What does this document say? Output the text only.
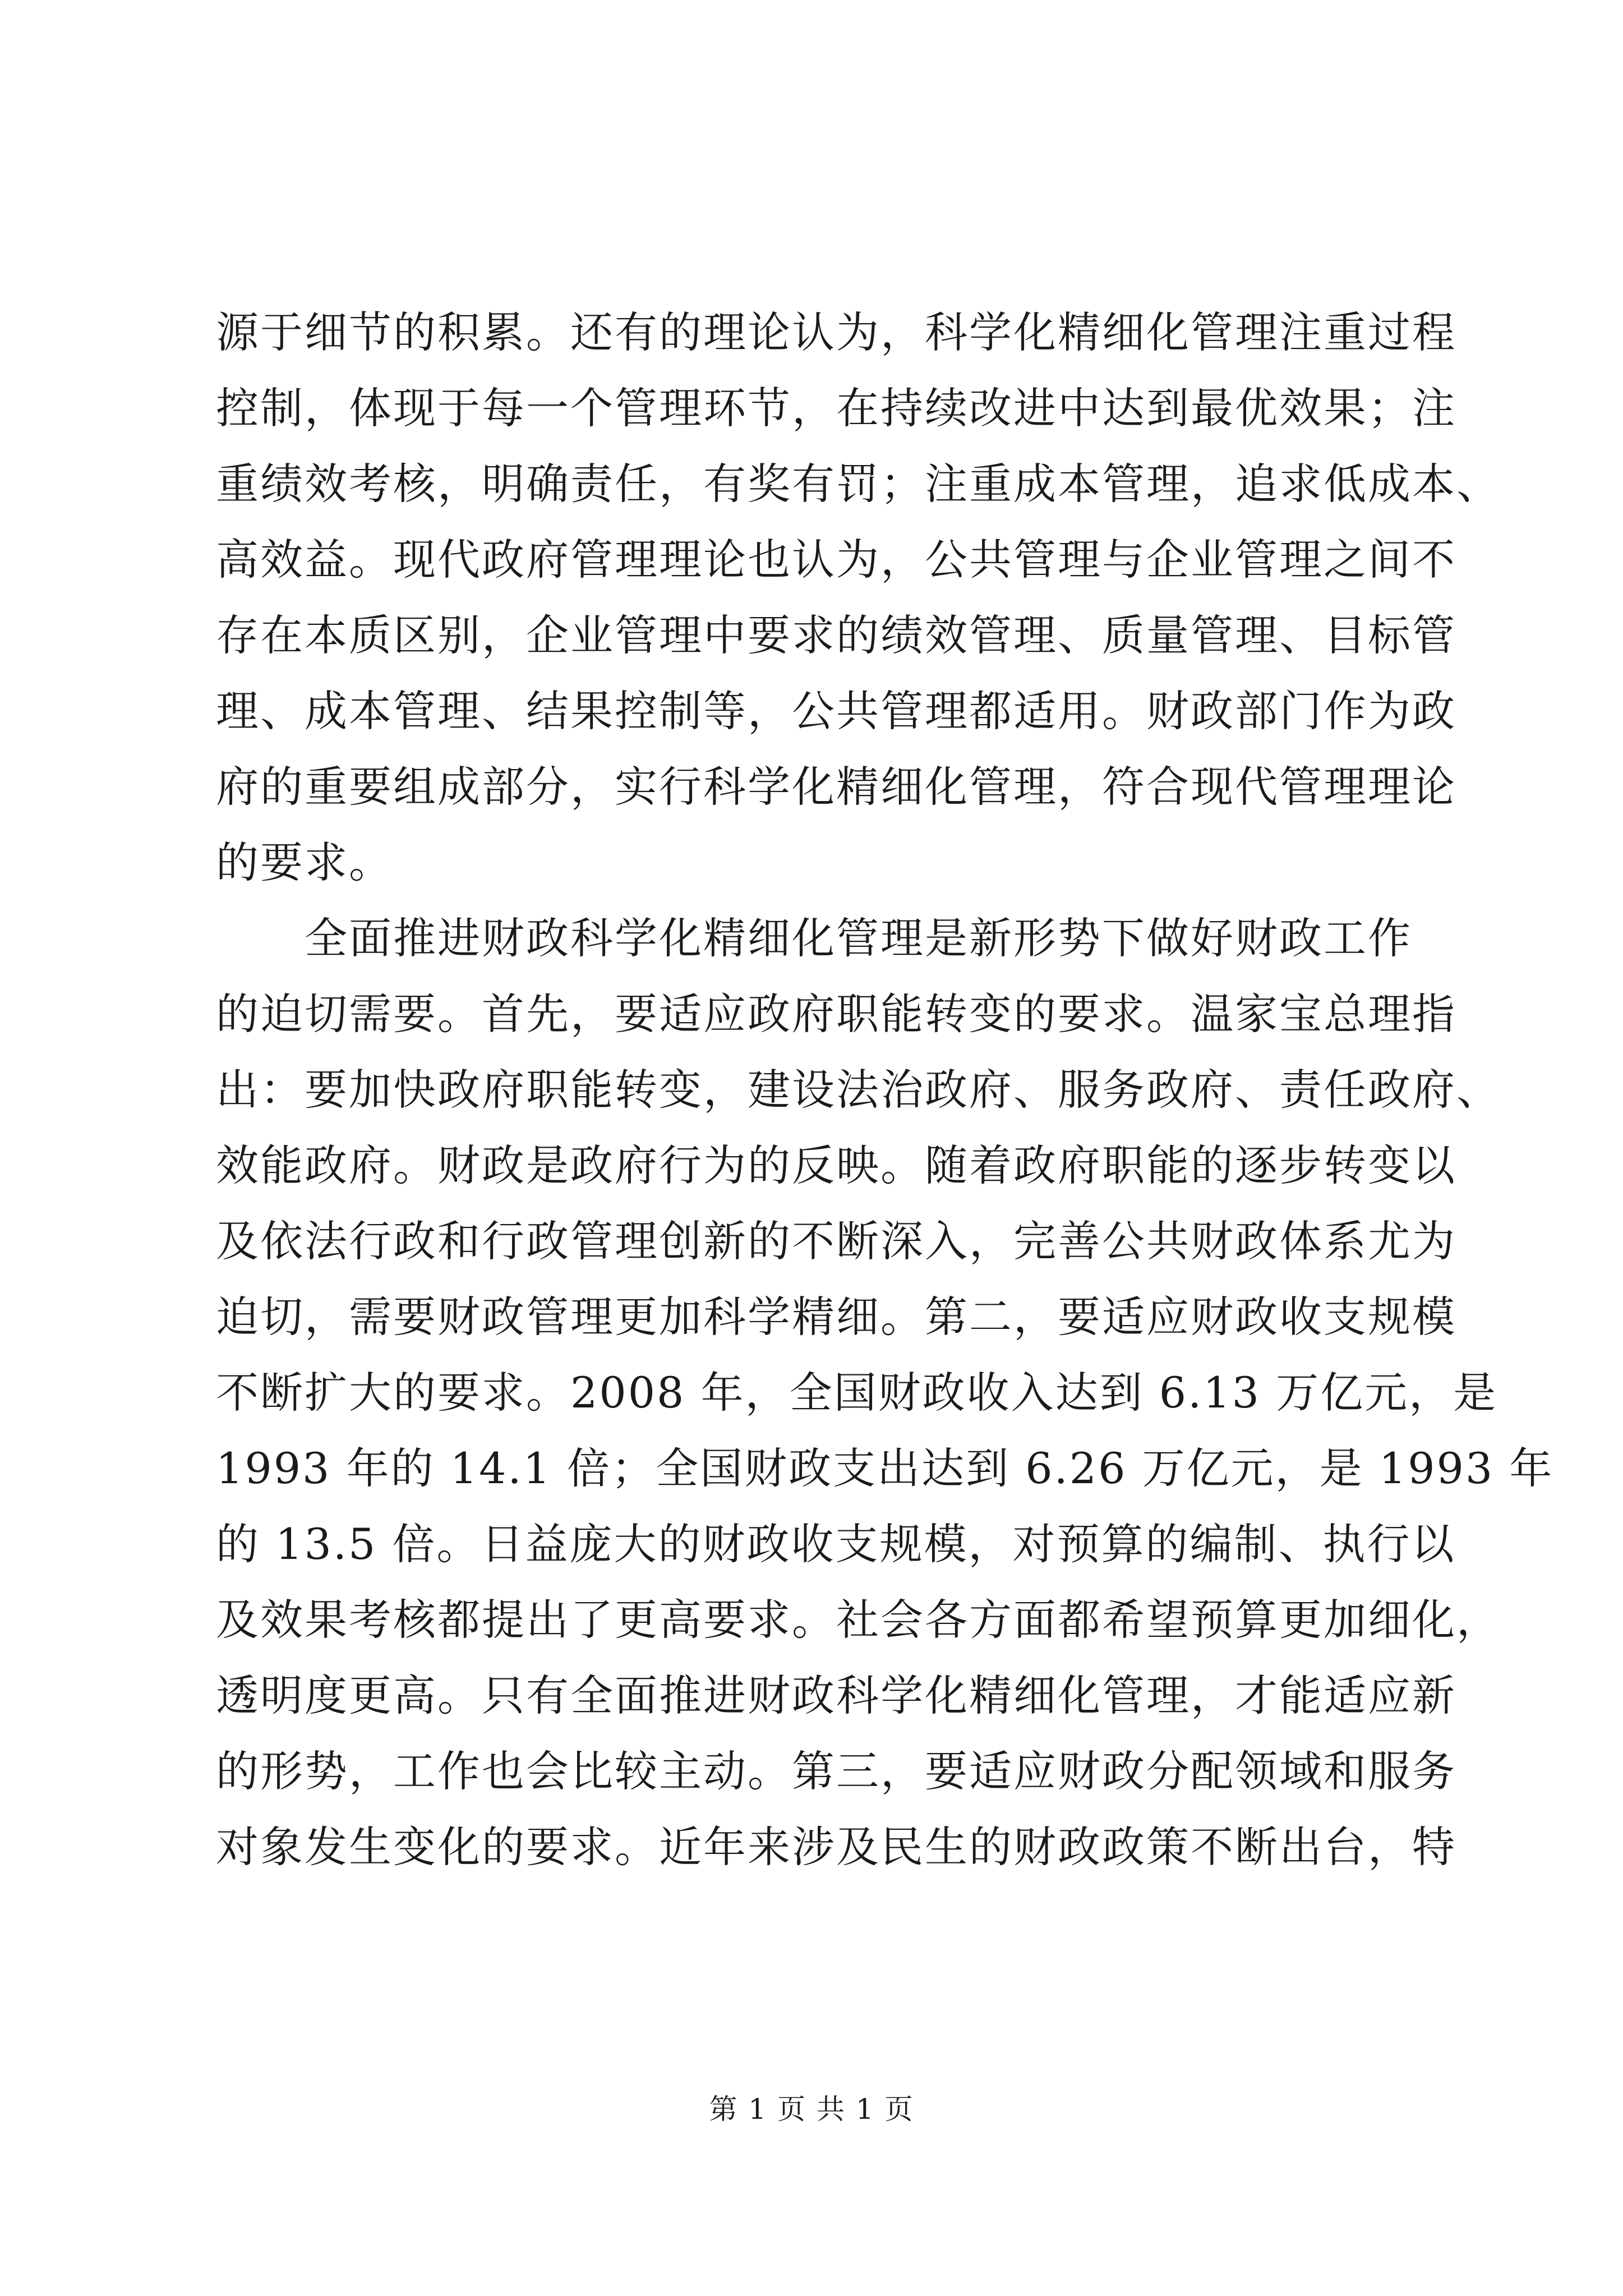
源于细节的积累。还有的理论认为，科学化精细化管理注重过程
控制，体现于每一个管理环节，在持续改进中达到最优效果；注
重绩效考核，明确责任，有奖有罚；注重成本管理，追求低成本、
高效益。现代政府管理理论也认为，公共管理与企业管理之间不
存在本质区别，企业管理中要求的绩效管理、质量管理、目标管
理、成本管理、结果控制等，公共管理都适用。财政部门作为政
府的重要组成部分，实行科学化精细化管理，符合现代管理理论
的要求。
　　全面推进财政科学化精细化管理是新形势下做好财政工作
的迫切需要。首先，要适应政府职能转变的要求。温家宝总理指
出：要加快政府职能转变，建设法治政府、服务政府、责任政府、
效能政府。财政是政府行为的反映。随着政府职能的逐步转变以
及依法行政和行政管理创新的不断深入，完善公共财政体系尤为
迫切，需要财政管理更加科学精细。第二，要适应财政收支规模
不断扩大的要求。2008 年，全国财政收入达到 6.13 万亿元，是
1993 年的 14.1 倍；全国财政支出达到 6.26 万亿元，是 1993 年
的 13.5 倍。日益庞大的财政收支规模，对预算的编制、执行以
及效果考核都提出了更高要求。社会各方面都希望预算更加细化，
透明度更高。只有全面推进财政科学化精细化管理，才能适应新
的形势，工作也会比较主动。第三，要适应财政分配领域和服务
对象发生变化的要求。近年来涉及民生的财政政策不断出台，特
第 1 页 共 1 页
